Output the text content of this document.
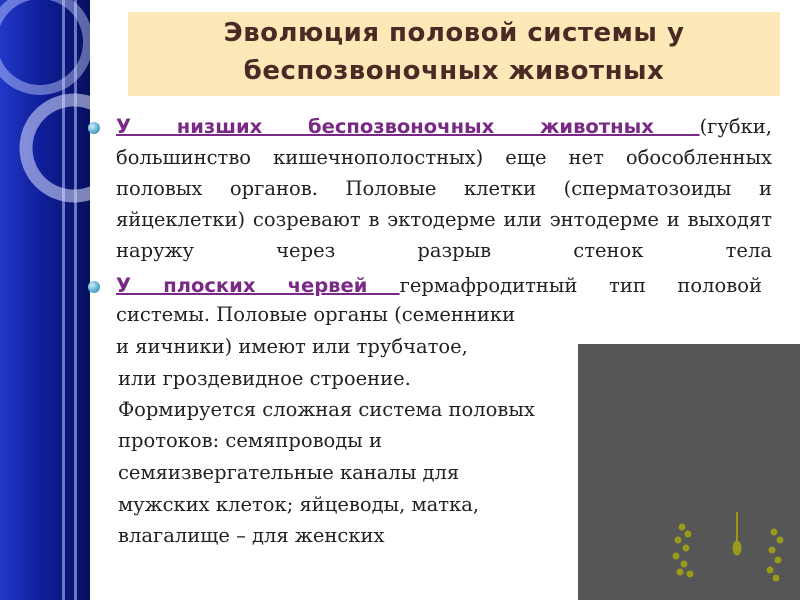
Эволюция половой системы у
беспозвоночных животных

У     низших     беспозвоночных     животных     (губки, большинство кишечнополостных) еще нет обособленных половых органов. Половые клетки (сперматозоиды и яйцеклетки) созревают в эктодерме или энтодерме и выходят наружу через разрыв стенок тела

У плоских червей гермафродитный тип половой

системы. Половые органы (семенники
и яичники) имеют или трубчатое,
или гроздевидное строение.
Формируется сложная система половых
протоков: семяпроводы и
семяизвергательные каналы для
мужских клеток; яйцеводы, матка,
влагалище – для женских
